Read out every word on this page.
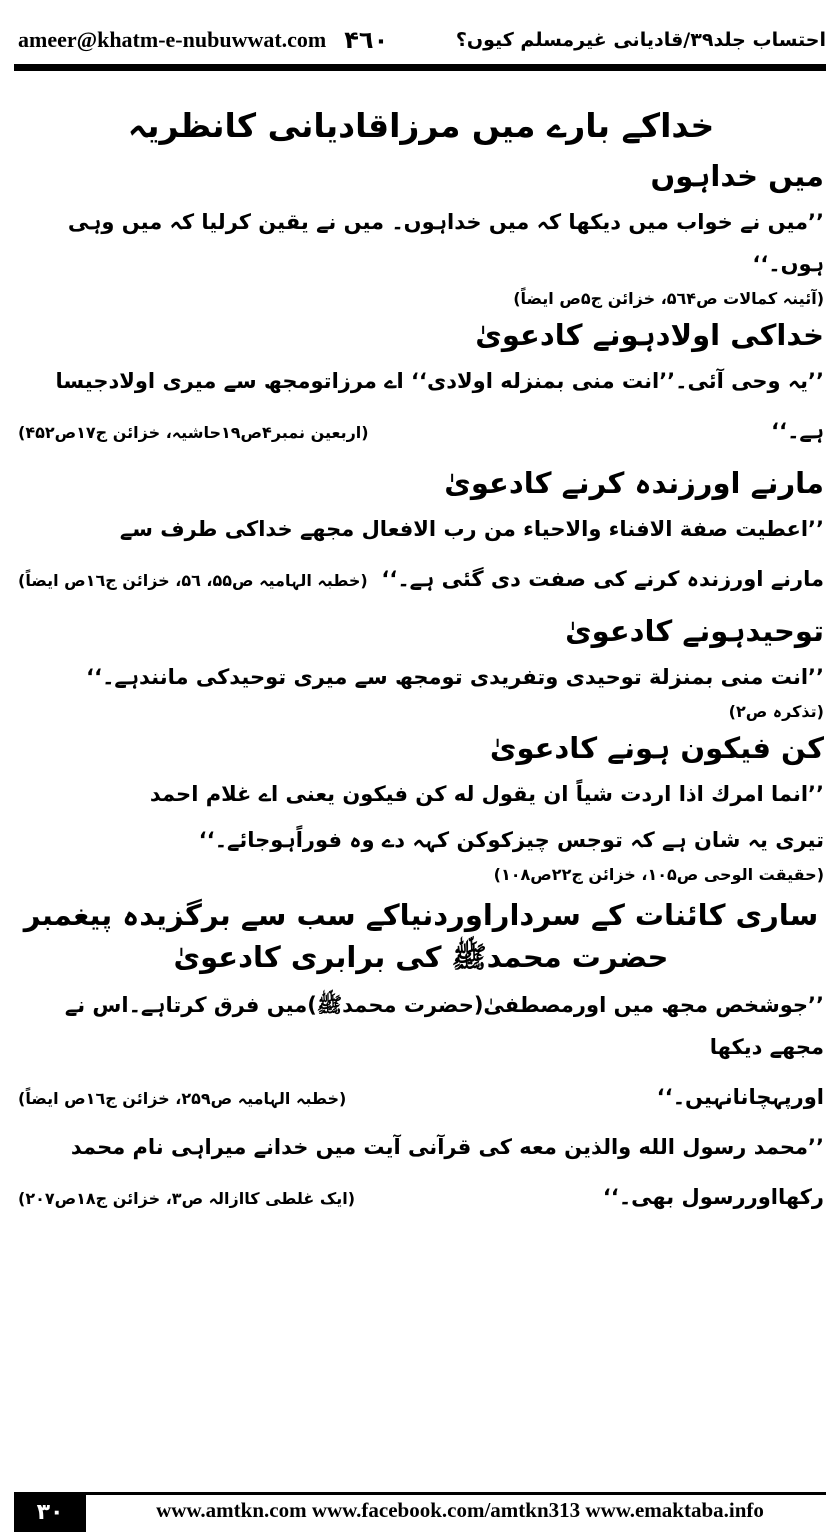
ameer@khatm-e-nubuwwat.com ۴٦٠	احتساب جلد۳۹/قادیانی غیرمسلم کیوں؟
خداکے بارے میں مرزاقادیانی کانظریہ
میں خداہوں
’’میں نے خواب میں دیکھا کہ میں خداہوں۔ میں نے یقین کرلیا کہ میں وہی ہوں۔‘‘
(آئینہ کمالات ص۵٦۴، خزائن ج۵ص ایضاً)
خداکی اولادہونے کادعویٰ
’’یہ وحی آئی۔’’انت منی بمنزله اولادی‘‘ اے مرزاتومجھ سے میری اولادجیسا
ہے۔‘‘
(اربعین نمبر۴ص۱۹حاشیہ، خزائن ج۱۷ص۴۵۲)
مارنے اورزندہ کرنے کادعویٰ
’’اعطیت صفة الافناء والاحیاء من رب الافعال مجھے خداکی طرف سے
مارنے اورزندہ کرنے کی صفت دی گئی ہے۔‘‘
(خطبہ الہامیہ ص۵۵، ۵٦، خزائن ج۱٦ص ایضاً)
توحیدہونے کادعویٰ
’’انت منی بمنزلة توحیدی وتفریدی تومجھ سے میری توحیدکی مانندہے۔‘‘
(تذکرہ ص۲)
کن فیکون ہونے کادعویٰ
’’انما امرك اذا اردت شیاً ان یقول له کن فیکون یعنی اے غلام احمد
تیری یہ شان ہے کہ توجس چیزکوکن کہہ دے وہ فوراًہوجائے۔‘‘
(حقیقت الوحی ص۱۰۵، خزائن ج۲۲ص۱۰۸)
ساری کائنات کے سرداراوردنیاکے سب سے برگزیدہ پیغمبر
حضرت محمدﷺ کی برابری کادعویٰ
’’جوشخص مجھ میں اورمصطفیٰ(حضرت محمدﷺ)میں فرق کرتاہے۔اس نے مجھے دیکھا
اورپہچانانہیں۔‘‘
(خطبہ الہامیہ ص۲۵۹، خزائن ج۱٦ص ایضاً)
’’محمد رسول الله والذین معه کی قرآنی آیت میں خدانے میراہی نام محمد
رکھااوررسول بھی۔‘‘
(ایک غلطی کاازالہ ص۳، خزائن ج۱۸ص۲۰۷)
۳۰	www.amtkn.com www.facebook.com/amtkn313 www.emaktaba.info
